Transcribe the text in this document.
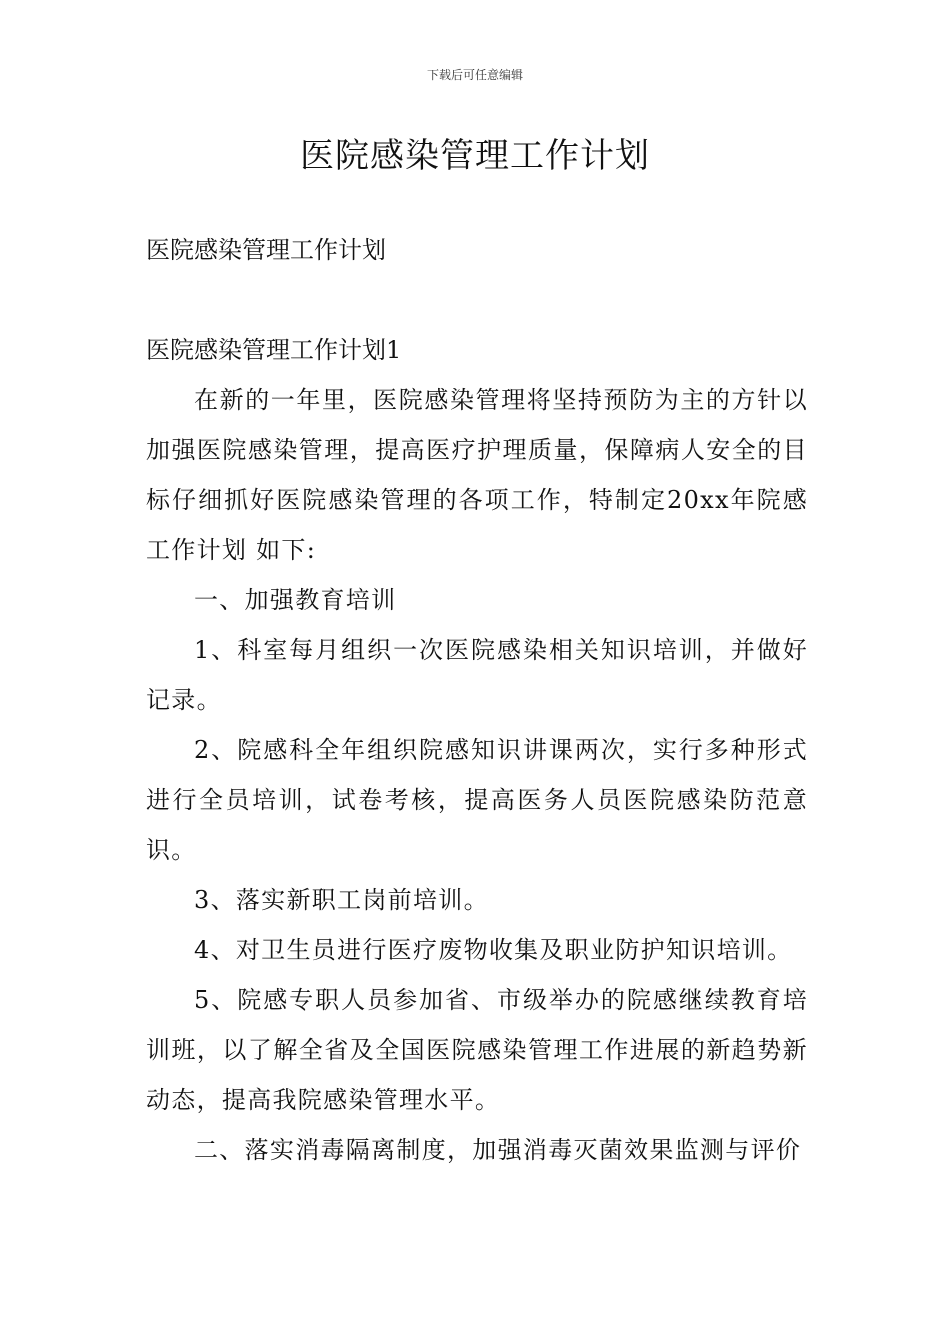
下载后可任意编辑
医院感染管理工作计划

医院感染管理工作计划

医院感染管理工作计划1

在新的一年里，医院感染管理将坚持预防为主的方针以加强医院感染管理，提高医疗护理质量，保障病人安全的目标仔细抓好医院感染管理的各项工作，特制定20xx年院感工作计划 如下:

一、加强教育培训

1、科室每月组织一次医院感染相关知识培训，并做好记录。

2、院感科全年组织院感知识讲课两次，实行多种形式进行全员培训，试卷考核，提高医务人员医院感染防范意识。

3、落实新职工岗前培训。

4、对卫生员进行医疗废物收集及职业防护知识培训。

5、院感专职人员参加省、市级举办的院感继续教育培训班，以了解全省及全国医院感染管理工作进展的新趋势新动态，提高我院感染管理水平。

二、落实消毒隔离制度，加强消毒灭菌效果监测与评价
